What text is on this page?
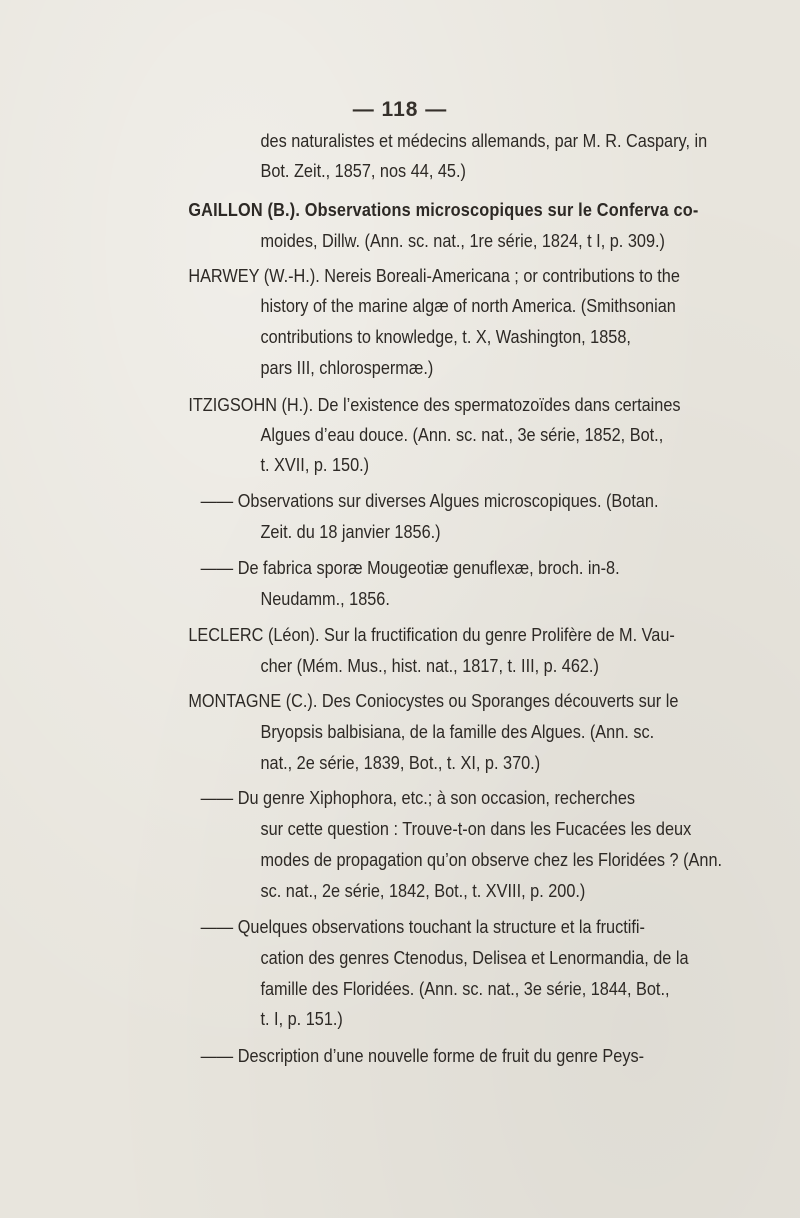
— 118 —
des naturalistes et médecins allemands, par M. R. Caspary, in
Bot. Zeit., 1857, nos 44, 45.)
GAILLON (B.). Observations microscopiques sur le Conferva co-
moides, Dillw. (Ann. sc. nat., 1re série, 1824, t I, p. 309.)
HARWEY (W.-H.). Nereis Boreali-Americana ; or contributions to the
history of the marine algæ of north America. (Smithsonian
contributions to knowledge, t. X, Washington, 1858,
pars III, chlorospermæ.)
ITZIGSOHN (H.). De l’existence des spermatozoïdes dans certaines
Algues d’eau douce. (Ann. sc. nat., 3e série, 1852, Bot.,
t. XVII, p. 150.)
—— Observations sur diverses Algues microscopiques. (Botan.
Zeit. du 18 janvier 1856.)
—— De fabrica sporæ Mougeotiæ genuflexæ, broch. in-8.
Neudamm., 1856.
LECLERC (Léon). Sur la fructification du genre Prolifère de M. Vau-
cher (Mém. Mus., hist. nat., 1817, t. III, p. 462.)
MONTAGNE (C.). Des Coniocystes ou Sporanges découverts sur le
Bryopsis balbisiana, de la famille des Algues. (Ann. sc.
nat., 2e série, 1839, Bot., t. XI, p. 370.)
—— Du genre Xiphophora, etc.; à son occasion, recherches
sur cette question : Trouve-t-on dans les Fucacées les deux
modes de propagation qu’on observe chez les Floridées ? (Ann.
sc. nat., 2e série, 1842, Bot., t. XVIII, p. 200.)
—— Quelques observations touchant la structure et la fructifi-
cation des genres Ctenodus, Delisea et Lenormandia, de la
famille des Floridées. (Ann. sc. nat., 3e série, 1844, Bot.,
t. I, p. 151.)
—— Description d’une nouvelle forme de fruit du genre Peys-
